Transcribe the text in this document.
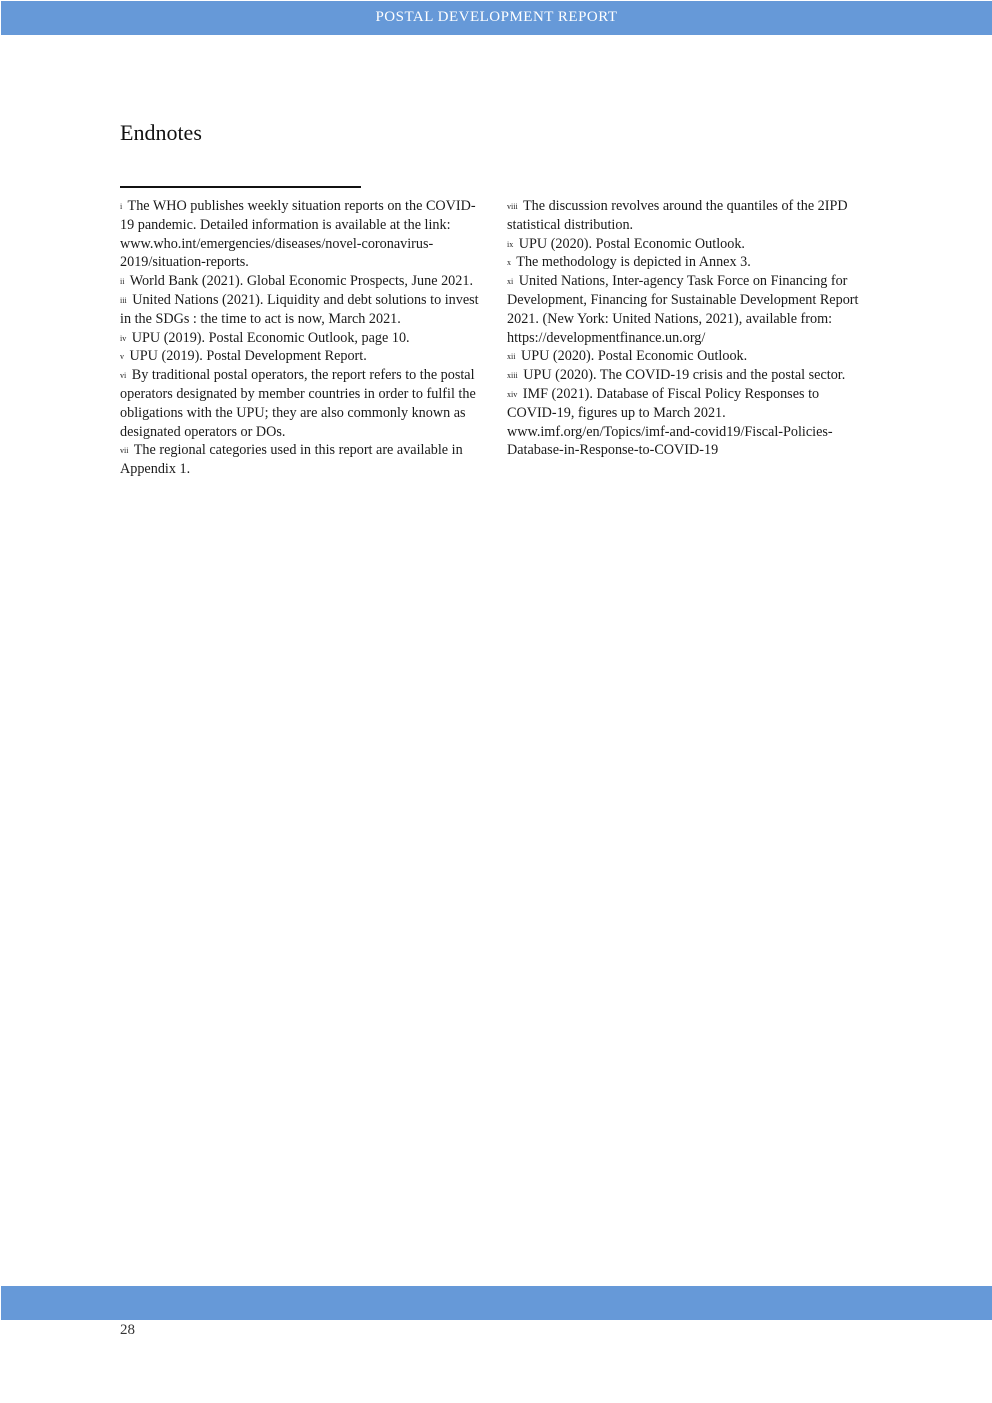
POSTAL DEVELOPMENT REPORT
Endnotes

$^i$ The WHO publishes weekly situation reports on the COVID-19 pandemic. Detailed information is available at the link: www.who.int/emergencies/diseases/novel-coronavirus-2019/situation-reports.

$^{ii}$ World Bank (2021). Global Economic Prospects, June 2021.

$^{iii}$ United Nations (2021). Liquidity and debt solutions to invest in the SDGs : the time to act is now, March 2021.

$^{iv}$ UPU (2019). Postal Economic Outlook, page 10.

$^v$ UPU (2019). Postal Development Report.

$^{vi}$ By traditional postal operators, the report refers to the postal operators designated by member countries in order to fulfil the obligations with the UPU; they are also commonly known as designated operators or DOs.

$^{vii}$ The regional categories used in this report are available in Appendix 1.

$^{viii}$ The discussion revolves around the quantiles of the 2IPD statistical distribution.

$^{ix}$ UPU (2020). Postal Economic Outlook.

$^x$ The methodology is depicted in Annex 3.

$^{xi}$ United Nations, Inter-agency Task Force on Financing for Development, Financing for Sustainable Development Report 2021. (New York: United Nations, 2021), available from: https://developmentfinance.un.org/

$^{xii}$ UPU (2020). Postal Economic Outlook.

$^{xiii}$ UPU (2020). The COVID-19 crisis and the postal sector.

$^{xiv}$ IMF (2021). Database of Fiscal Policy Responses to COVID-19, figures up to March 2021. www.imf.org/en/Topics/imf-and-covid19/Fiscal-Policies-Database-in-Response-to-COVID-19

28
